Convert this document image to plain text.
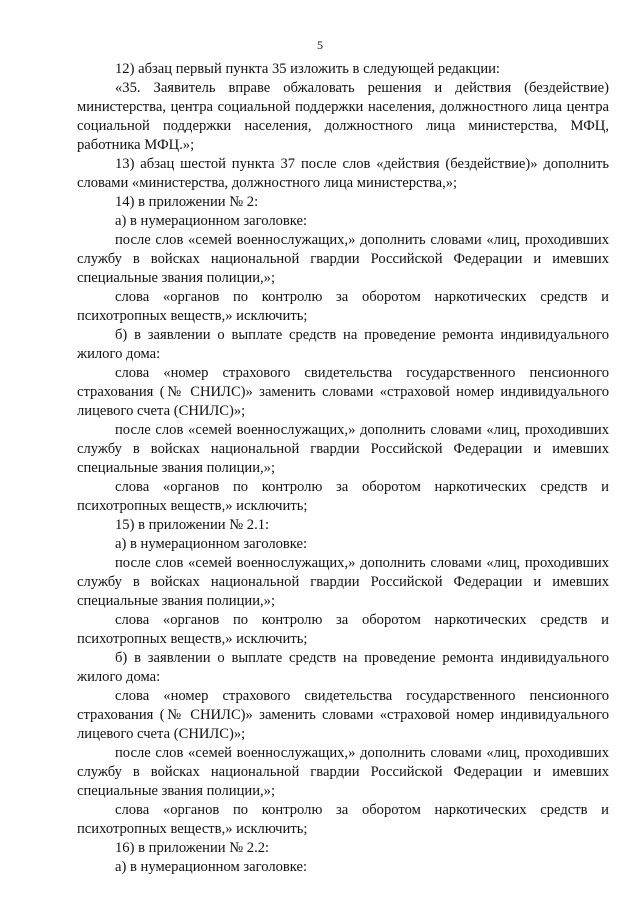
5

12) абзац первый пункта 35 изложить в следующей редакции:

«35. Заявитель вправе обжаловать решения и действия (бездействие) министерства, центра социальной поддержки населения, должностного лица центра социальной поддержки населения, должностного лица министерства, МФЦ, работника МФЦ.»;

13) абзац шестой пункта 37 после слов «действия (бездействие)» дополнить словами «министерства, должностного лица министерства,»;

14) в приложении № 2:

а) в нумерационном заголовке:

после слов «семей военнослужащих,» дополнить словами «лиц, проходивших службу в войсках национальной гвардии Российской Федерации и имевших специальные звания полиции,»;

слова «органов по контролю за оборотом наркотических средств и психотропных веществ,» исключить;

б) в заявлении о выплате средств на проведение ремонта индивидуального жилого дома:

слова «номер страхового свидетельства государственного пенсионного страхования (№ СНИЛС)» заменить словами «страховой номер индивидуального лицевого счета (СНИЛС)»;

после слов «семей военнослужащих,» дополнить словами «лиц, проходивших службу в войсках национальной гвардии Российской Федерации и имевших специальные звания полиции,»;

слова «органов по контролю за оборотом наркотических средств и психотропных веществ,» исключить;

15) в приложении № 2.1:

а) в нумерационном заголовке:

после слов «семей военнослужащих,» дополнить словами «лиц, проходивших службу в войсках национальной гвардии Российской Федерации и имевших специальные звания полиции,»;

слова «органов по контролю за оборотом наркотических средств и психотропных веществ,» исключить;

б) в заявлении о выплате средств на проведение ремонта индивидуального жилого дома:

слова «номер страхового свидетельства государственного пенсионного страхования (№ СНИЛС)» заменить словами «страховой номер индивидуального лицевого счета (СНИЛС)»;

после слов «семей военнослужащих,» дополнить словами «лиц, проходивших службу в войсках национальной гвардии Российской Федерации и имевших специальные звания полиции,»;

слова «органов по контролю за оборотом наркотических средств и психотропных веществ,» исключить;

16) в приложении № 2.2:

а) в нумерационном заголовке:
